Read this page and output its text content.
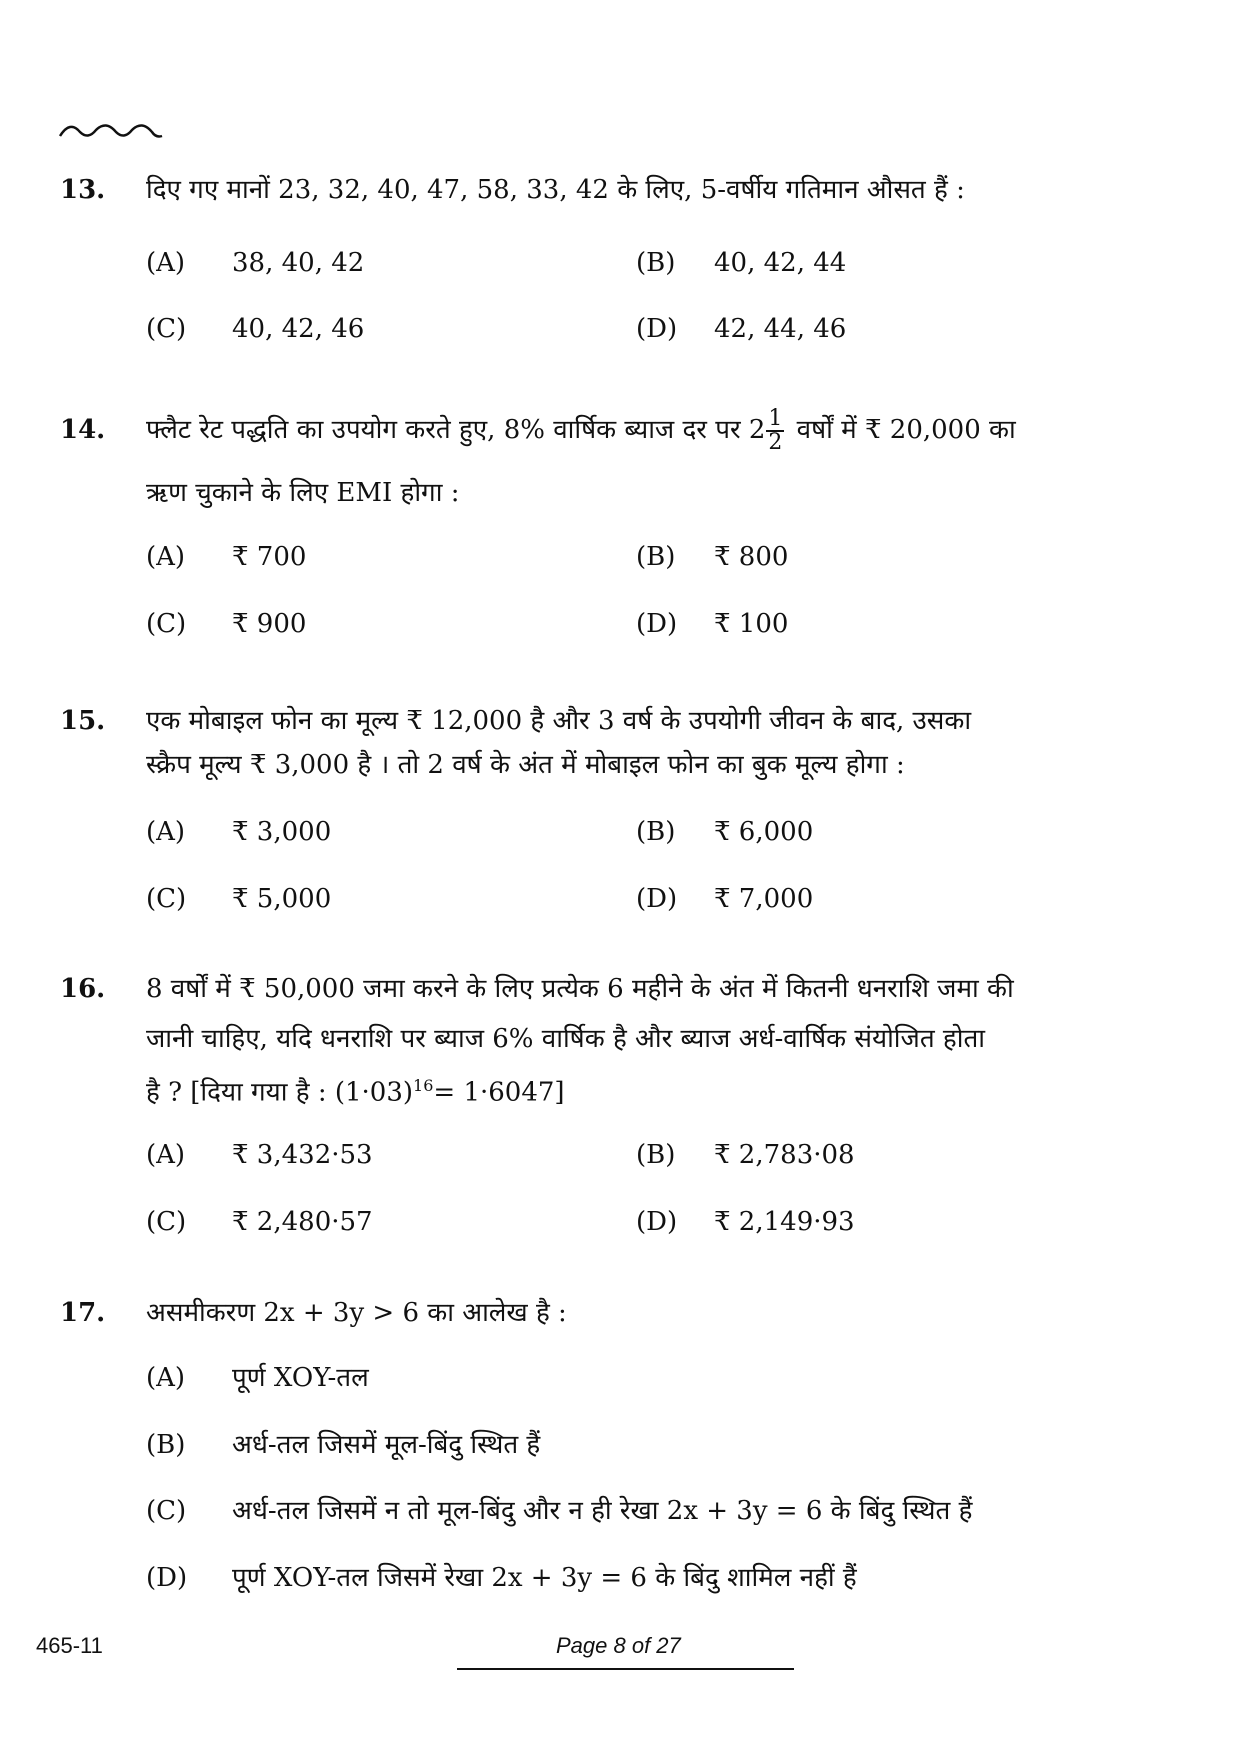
13. दिए गए मानों 23, 32, 40, 47, 58, 33, 42 के लिए, 5-वर्षीय गतिमान औसत हैं :
(A) 38, 40, 42	(B) 40, 42, 44
(C) 40, 42, 46	(D) 42, 44, 46
14. फ्लैट रेट पद्धति का उपयोग करते हुए, 8% वार्षिक ब्याज दर पर $2 \frac{1}{2}$ वर्षों में ₹ 20,000 का
ऋण चुकाने के लिए EMI होगा :
(A) ₹ 700	(B) ₹ 800
(C) ₹ 900	(D) ₹ 100
15. एक मोबाइल फोन का मूल्य ₹ 12,000 है और 3 वर्ष के उपयोगी जीवन के बाद, उसका
स्क्रैप मूल्य ₹ 3,000 है । तो 2 वर्ष के अंत में मोबाइल फोन का बुक मूल्य होगा :
(A) ₹ 3,000	(B) ₹ 6,000
(C) ₹ 5,000	(D) ₹ 7,000
16. 8 वर्षों में ₹ 50,000 जमा करने के लिए प्रत्येक 6 महीने के अंत में कितनी धनराशि जमा की
जानी चाहिए, यदि धनराशि पर ब्याज 6% वार्षिक है और ब्याज अर्ध-वार्षिक संयोजित होता
है ? [दिया गया है : $(1\cdot 03)^{16}= 1\cdot 6047$]
(A) ₹ 3,432·53	(B) ₹ 2,783·08
(C) ₹ 2,480·57	(D) ₹ 2,149·93
17. असमीकरण 2x + 3y > 6 का आलेख है :
(A) पूर्ण XOY-तल
(B) अर्ध-तल जिसमें मूल-बिंदु स्थित हैं
(C) अर्ध-तल जिसमें न तो मूल-बिंदु और न ही रेखा 2x + 3y = 6 के बिंदु स्थित हैं
(D) पूर्ण XOY-तल जिसमें रेखा 2x + 3y = 6 के बिंदु शामिल नहीं हैं
465-11	Page 8 of 27
